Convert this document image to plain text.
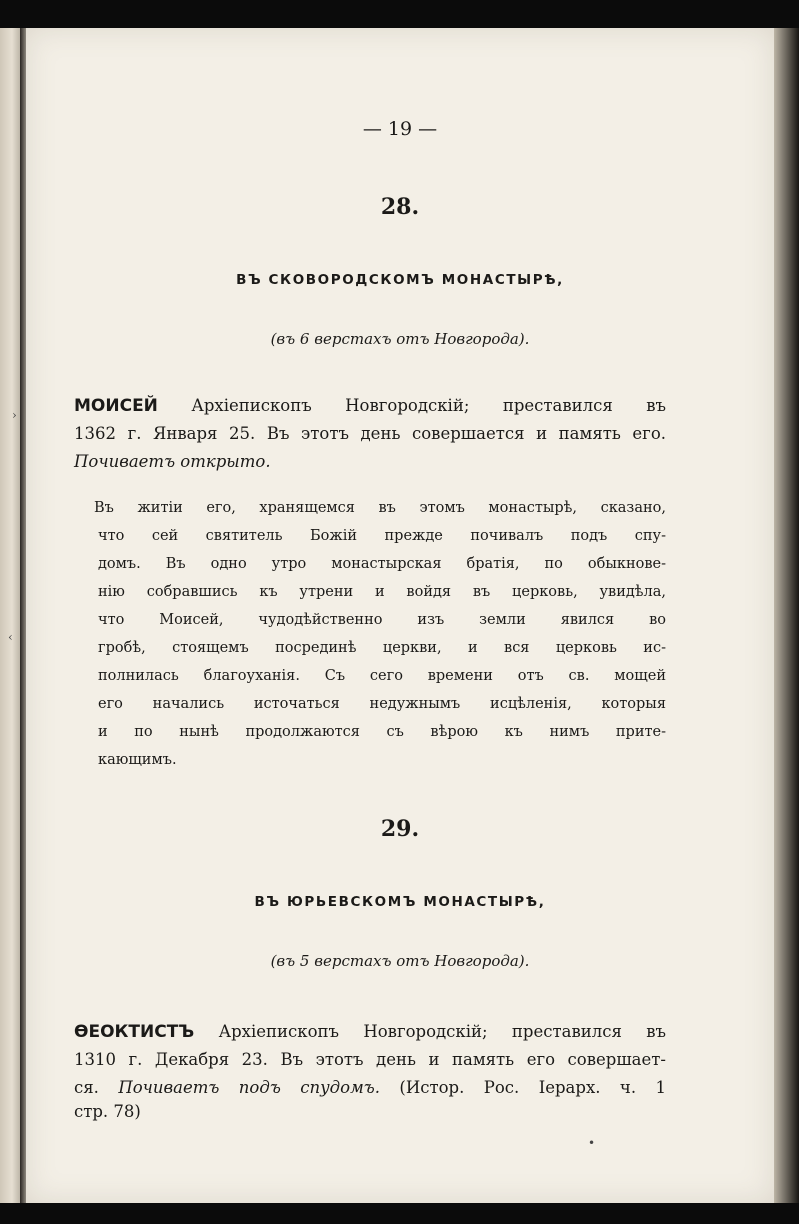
— 19 —
28.
ВЪ СКОВОРОДСКОМЪ МОНАСТЫРѢ,
(въ 6 верстахъ отъ Новгорода).
МОИСЕЙ Архіепископъ Новгородскій; преставился въ
1362 г. Января 25. Въ этотъ день совершается и память его.
Почиваетъ открыто.
Въ житіи его, хранящемся въ этомъ монастырѣ, сказано,
что сей святитель Божій прежде почивалъ подъ спу-
домъ. Въ одно утро монастырская братія, по обыкнове-
нію собравшись къ утрени и войдя въ церковь, увидѣла,
что Моисей, чудодѣйственно изъ земли явился во
гробѣ, стоящемъ посрединѣ церкви, и вся церковь ис-
полнилась благоуханія. Съ сего времени отъ св. мощей
его начались источаться недужнымъ исцѣленія, которыя
и по нынѣ продолжаются съ вѣрою къ нимъ прите-
кающимъ.
29.
ВЪ ЮРЬЕВСКОМЪ МОНАСТЫРѢ,
(въ 5 верстахъ отъ Новгорода).
ѲЕОКТИСТЪ Архіепископъ Новгородскій; преставился въ
1310 г. Декабря 23. Въ этотъ день и память его совершает-
ся. Почиваетъ подъ спудомъ. (Истор. Рос. Іерарх. ч. 1
стр. 78)
›
‹
•
